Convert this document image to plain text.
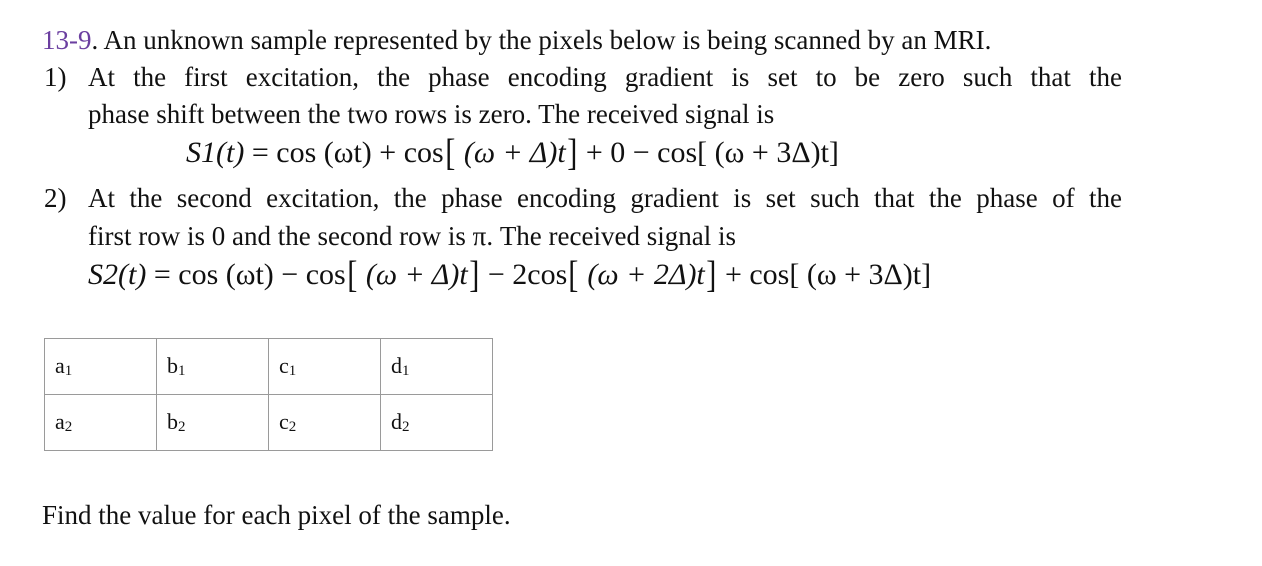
13-9. An unknown sample represented by the pixels below is being scanned by an MRI.
1) At the first excitation, the phase encoding gradient is set to be zero such that the
phase shift between the two rows is zero. The received signal is
S1(t) = cos (ωt) + cos[ (ω + Δ)t] + 0 − cos[ (ω + 3Δ)t]
2) At the second excitation, the phase encoding gradient is set such that the phase of the
first row is 0 and the second row is π. The received signal is
S2(t) = cos (ωt) − cos[ (ω + Δ)t] − 2cos[ (ω + 2Δ)t] + cos[ (ω + 3Δ)t]
$a_1$	$b_1$	$c_1$	$d_1$
$a_2$	$b_2$	$c_2$	$d_2$
Find the value for each pixel of the sample.
